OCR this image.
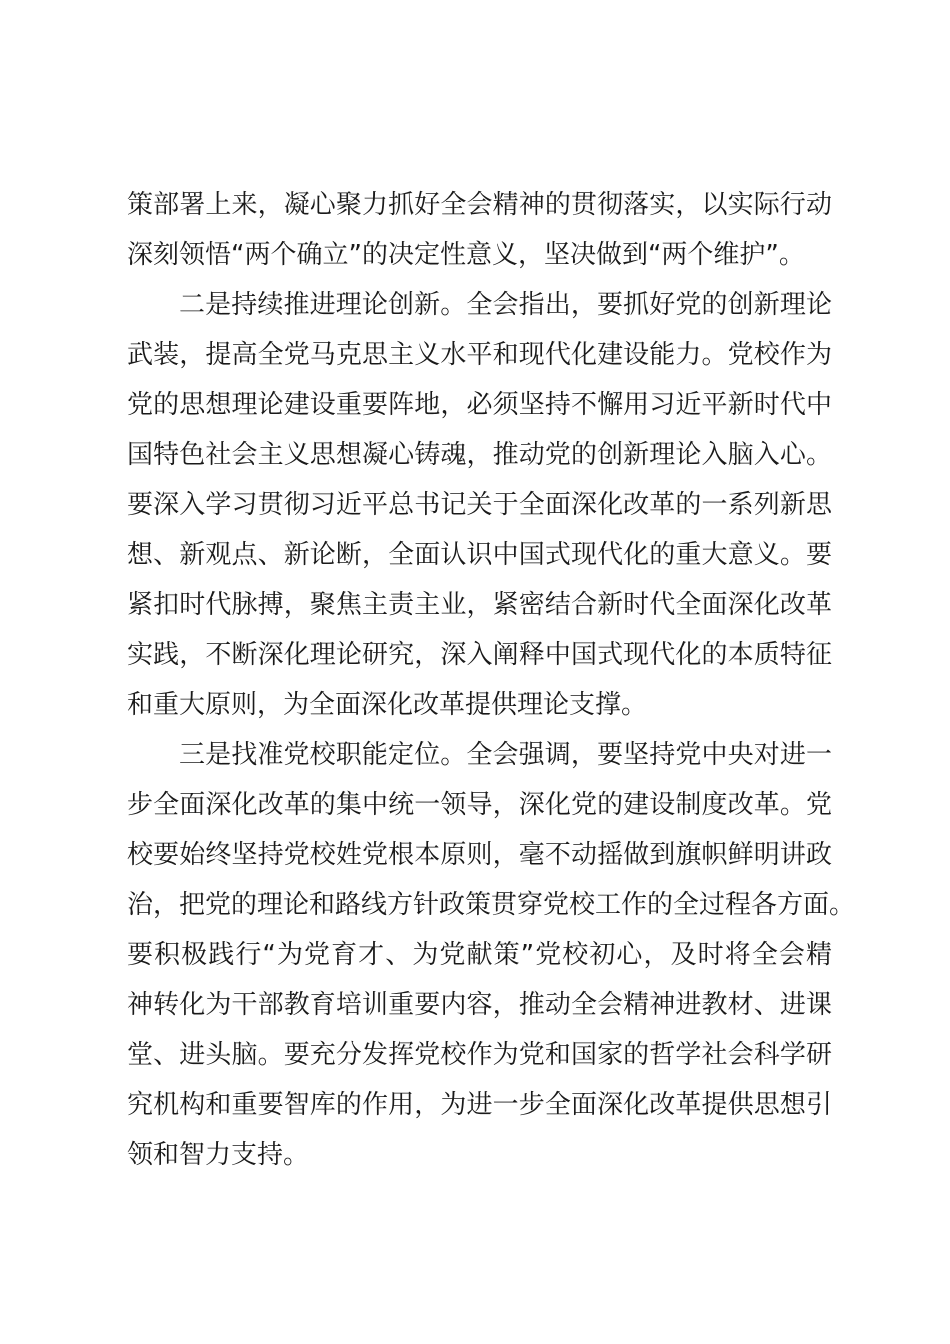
策部署上来，凝心聚力抓好全会精神的贯彻落实，以实际行动
深刻领悟“两个确立”的决定性意义，坚决做到“两个维护”。
二是持续推进理论创新。全会指出，要抓好党的创新理论
武装，提高全党马克思主义水平和现代化建设能力。党校作为
党的思想理论建设重要阵地，必须坚持不懈用习近平新时代中
国特色社会主义思想凝心铸魂，推动党的创新理论入脑入心。
要深入学习贯彻习近平总书记关于全面深化改革的一系列新思
想、新观点、新论断，全面认识中国式现代化的重大意义。要
紧扣时代脉搏，聚焦主责主业，紧密结合新时代全面深化改革
实践，不断深化理论研究，深入阐释中国式现代化的本质特征
和重大原则，为全面深化改革提供理论支撑。
三是找准党校职能定位。全会强调，要坚持党中央对进一
步全面深化改革的集中统一领导，深化党的建设制度改革。党
校要始终坚持党校姓党根本原则，毫不动摇做到旗帜鲜明讲政
治，把党的理论和路线方针政策贯穿党校工作的全过程各方面。
要积极践行“为党育才、为党献策”党校初心，及时将全会精
神转化为干部教育培训重要内容，推动全会精神进教材、进课
堂、进头脑。要充分发挥党校作为党和国家的哲学社会科学研
究机构和重要智库的作用，为进一步全面深化改革提供思想引
领和智力支持。
